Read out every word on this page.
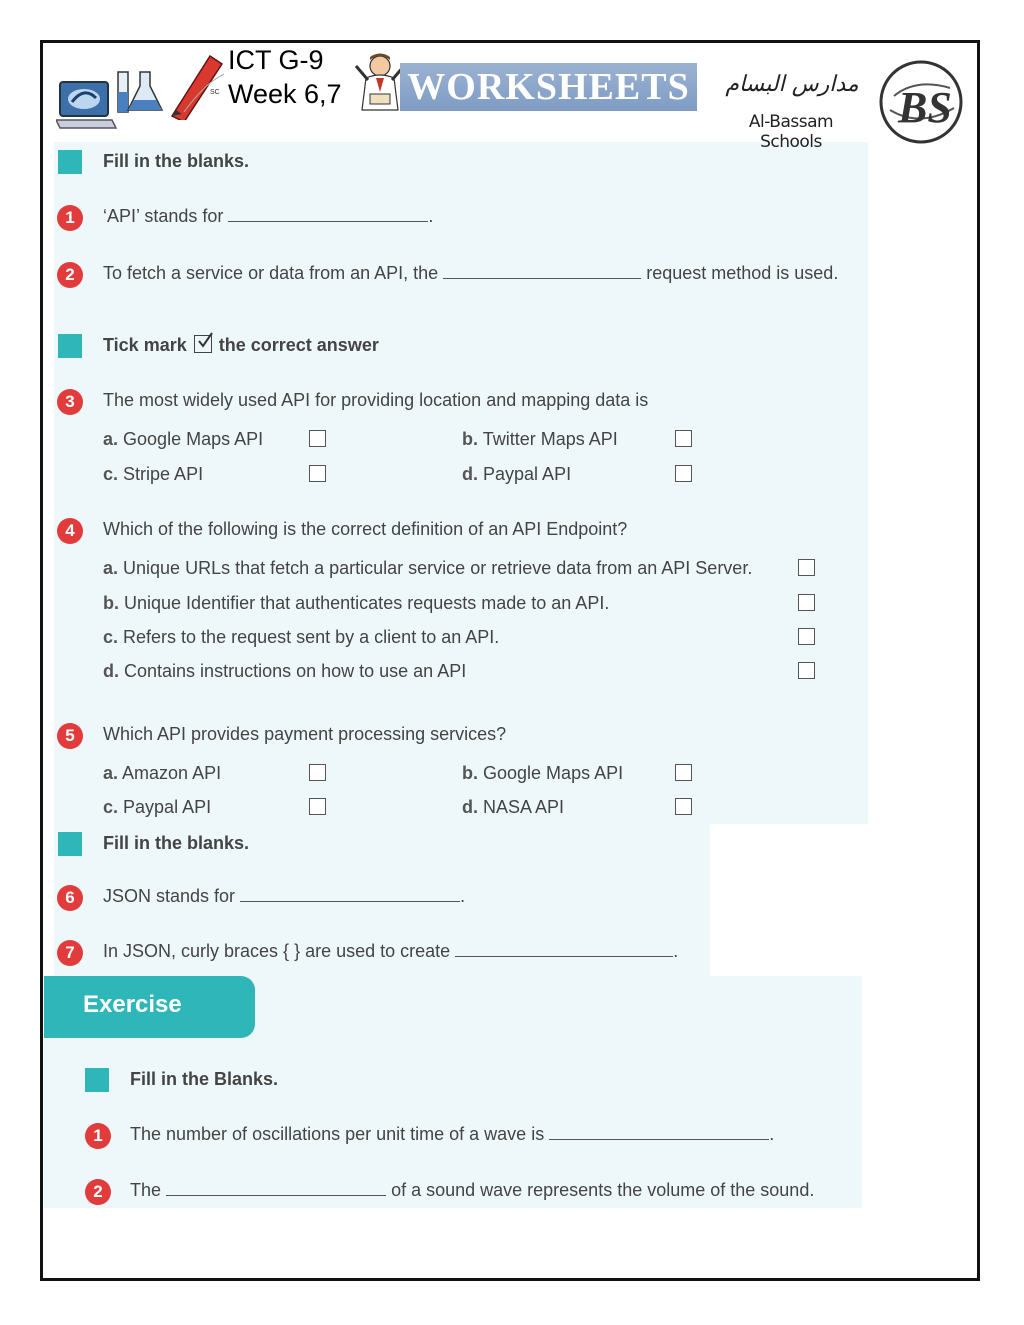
SC
ICT G-9
Week 6,7 WORKSHEETS	مدارس البسام
Al-Bassam Schools
BS
Fill in the blanks.
1	‘API’ stands for	.
2	To fetch a service or data from an API, the	request method is used.
Tick mark the correct answer
3	The most widely used API for providing location and mapping data is
a. Google Maps API	b. Twitter Maps API
c. Stripe API	d. Paypal API
4	Which of the following is the correct definition of an API Endpoint?
a. Unique URLs that fetch a particular service or retrieve data from an API Server.
b. Unique Identifier that authenticates requests made to an API.
c. Refers to the request sent by a client to an API.
d. Contains instructions on how to use an API
5	Which API provides payment processing services?
a. Amazon API	b. Google Maps API
c. Paypal API	d. NASA API
Fill in the blanks.
6	JSON stands for	.
7	In JSON, curly braces { } are used to create	.
Exercise
Fill in the Blanks.
1	The number of oscillations per unit time of a wave is	.
2	The	of a sound wave represents the volume of the sound.
